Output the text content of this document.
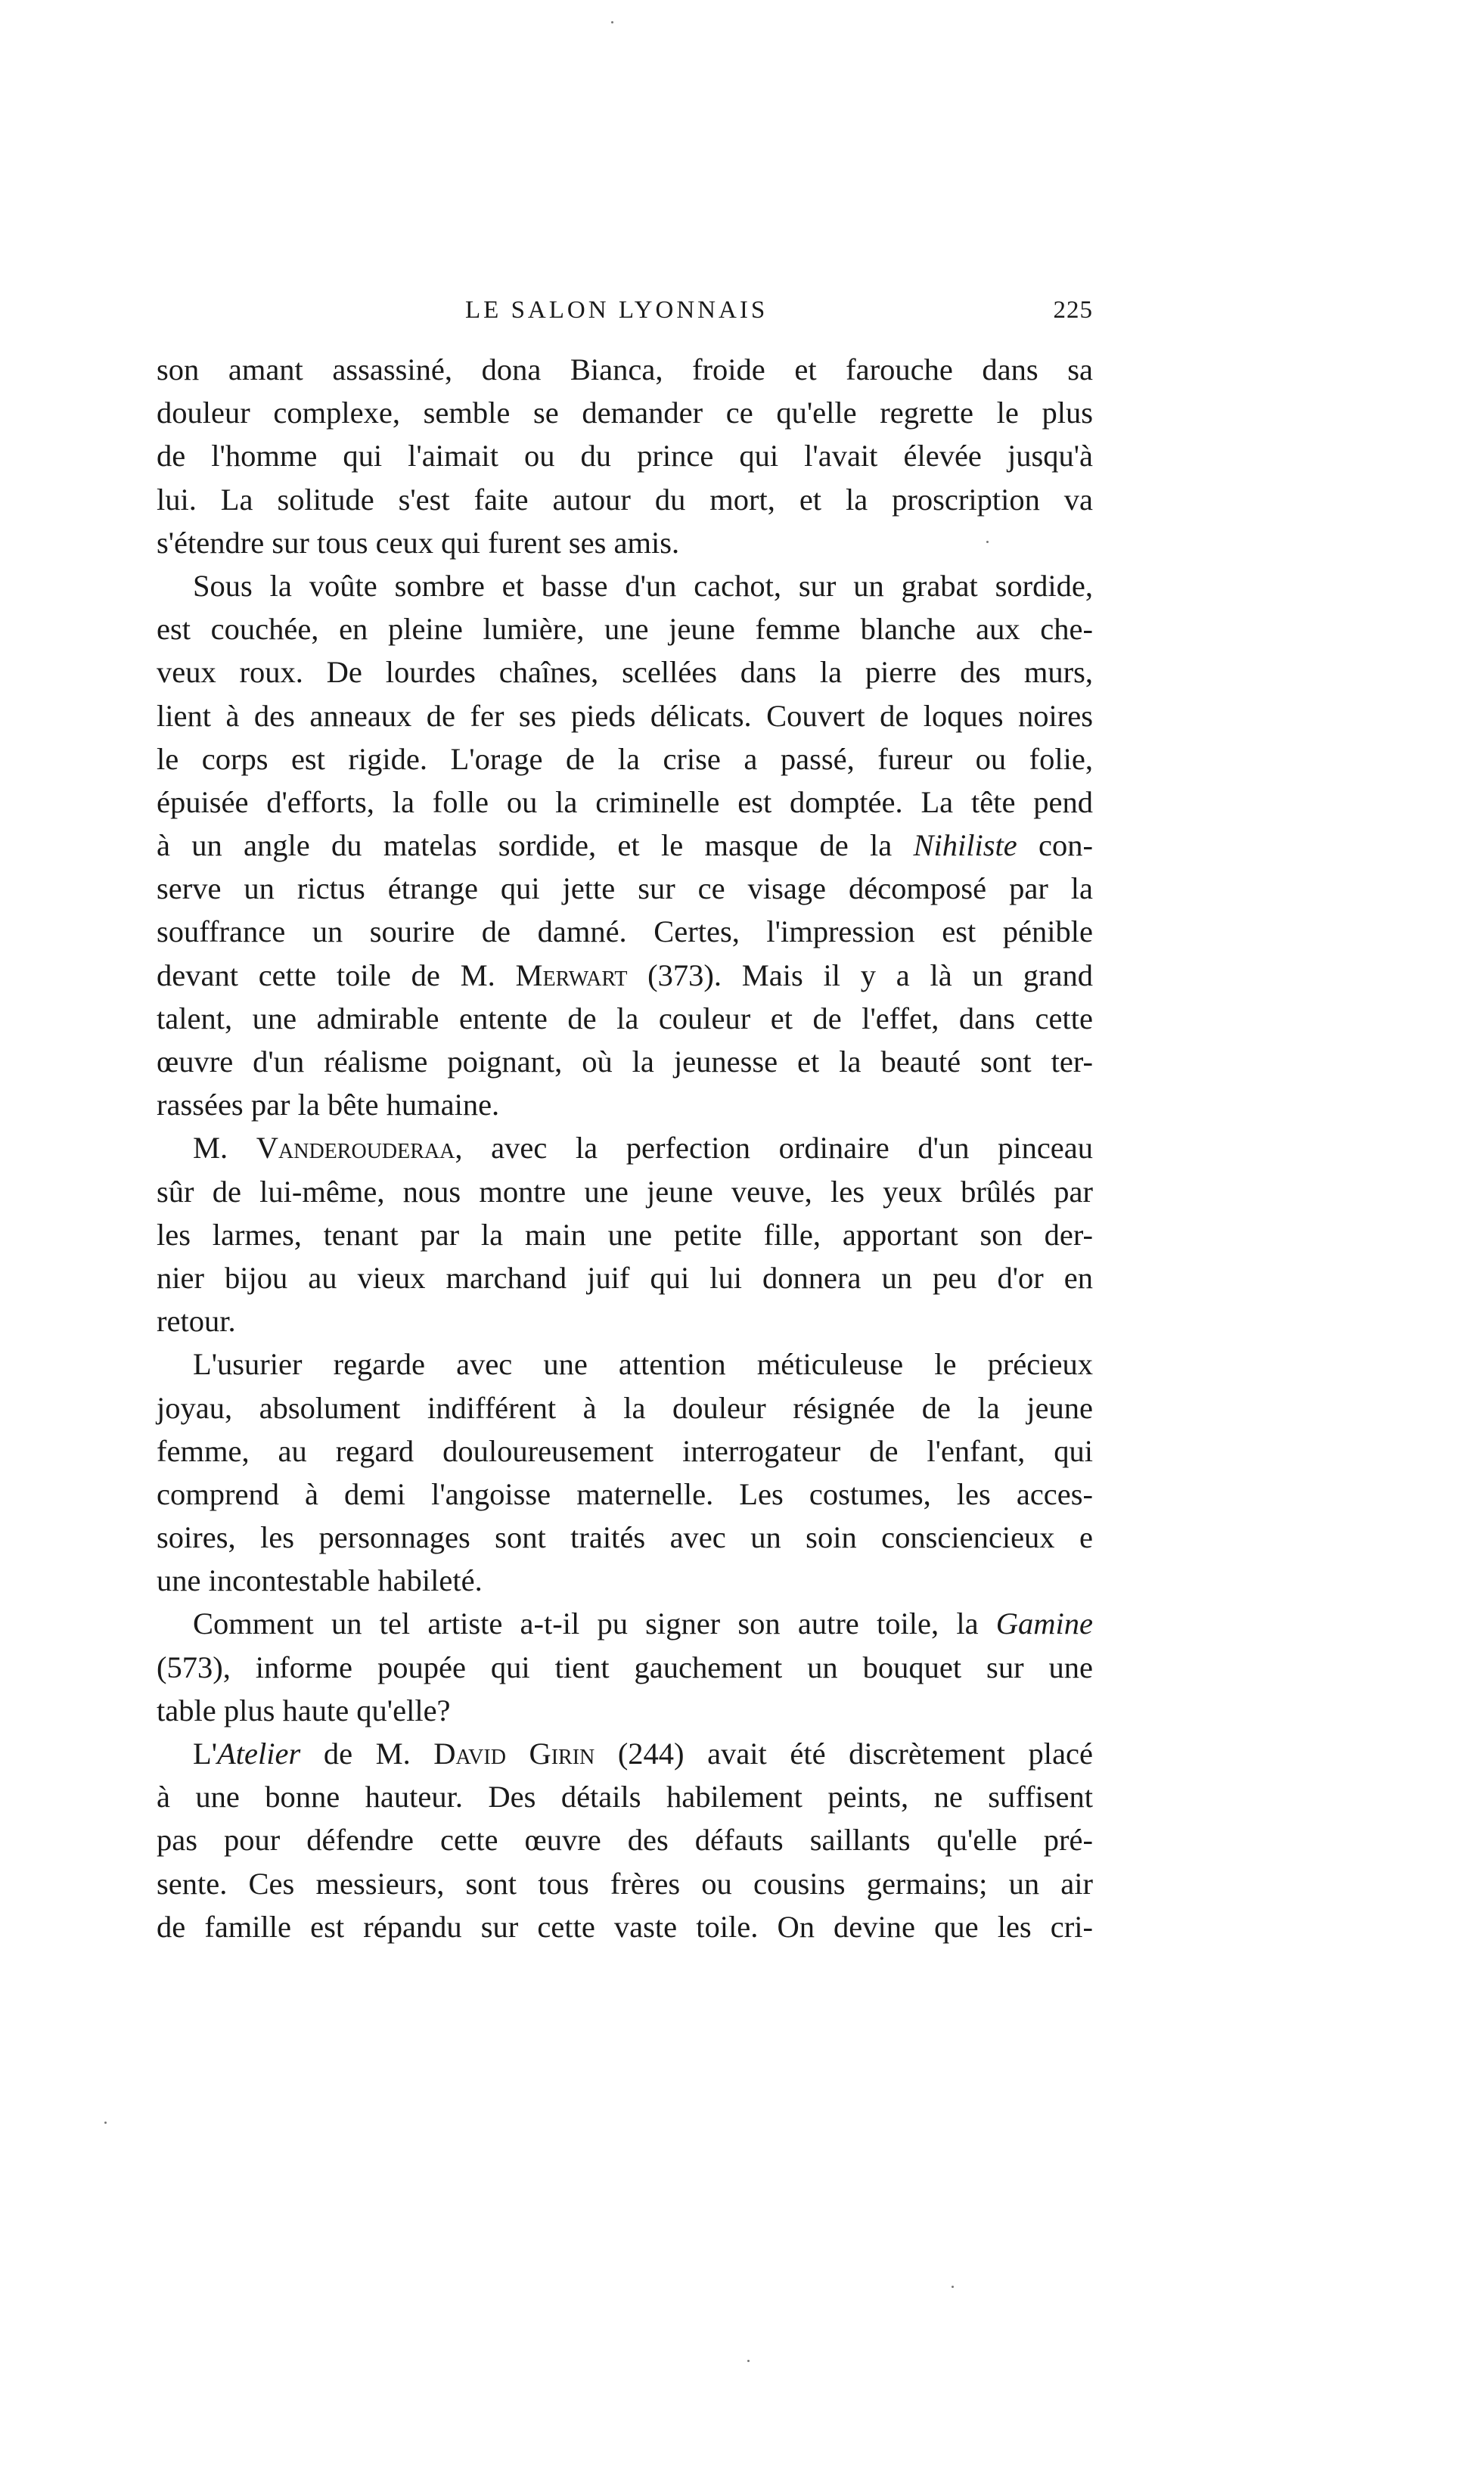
LE SALON LYONNAIS	225
son amant assassiné, dona Bianca, froide et farouche dans sa
douleur complexe, semble se demander ce qu'elle regrette le plus
de l'homme qui l'aimait ou du prince qui l'avait élevée jusqu'à
lui. La solitude s'est faite autour du mort, et la proscription va
s'étendre sur tous ceux qui furent ses amis.
Sous la voûte sombre et basse d'un cachot, sur un grabat sordide,
est couchée, en pleine lumière, une jeune femme blanche aux che-
veux roux. De lourdes chaînes, scellées dans la pierre des murs,
lient à des anneaux de fer ses pieds délicats. Couvert de loques noires
le corps est rigide. L'orage de la crise a passé, fureur ou folie,
épuisée d'efforts, la folle ou la criminelle est domptée. La tête pend
à un angle du matelas sordide, et le masque de la Nihiliste con-
serve un rictus étrange qui jette sur ce visage décomposé par la
souffrance un sourire de damné. Certes, l'impression est pénible
devant cette toile de M. Merwart (373). Mais il y a là un grand
talent, une admirable entente de la couleur et de l'effet, dans cette
œuvre d'un réalisme poignant, où la jeunesse et la beauté sont ter-
rassées par la bête humaine.
M. Vanderouderaa, avec la perfection ordinaire d'un pinceau
sûr de lui-même, nous montre une jeune veuve, les yeux brûlés par
les larmes, tenant par la main une petite fille, apportant son der-
nier bijou au vieux marchand juif qui lui donnera un peu d'or en
retour.
L'usurier regarde avec une attention méticuleuse le précieux
joyau, absolument indifférent à la douleur résignée de la jeune
femme, au regard douloureusement interrogateur de l'enfant, qui
comprend à demi l'angoisse maternelle. Les costumes, les acces-
soires, les personnages sont traités avec un soin consciencieux e
une incontestable habileté.
Comment un tel artiste a-t-il pu signer son autre toile, la Gamine
(573), informe poupée qui tient gauchement un bouquet sur une
table plus haute qu'elle?
L'Atelier de M. David Girin (244) avait été discrètement placé
à une bonne hauteur. Des détails habilement peints, ne suffisent
pas pour défendre cette œuvre des défauts saillants qu'elle pré-
sente. Ces messieurs, sont tous frères ou cousins germains; un air
de famille est répandu sur cette vaste toile. On devine que les cri-
